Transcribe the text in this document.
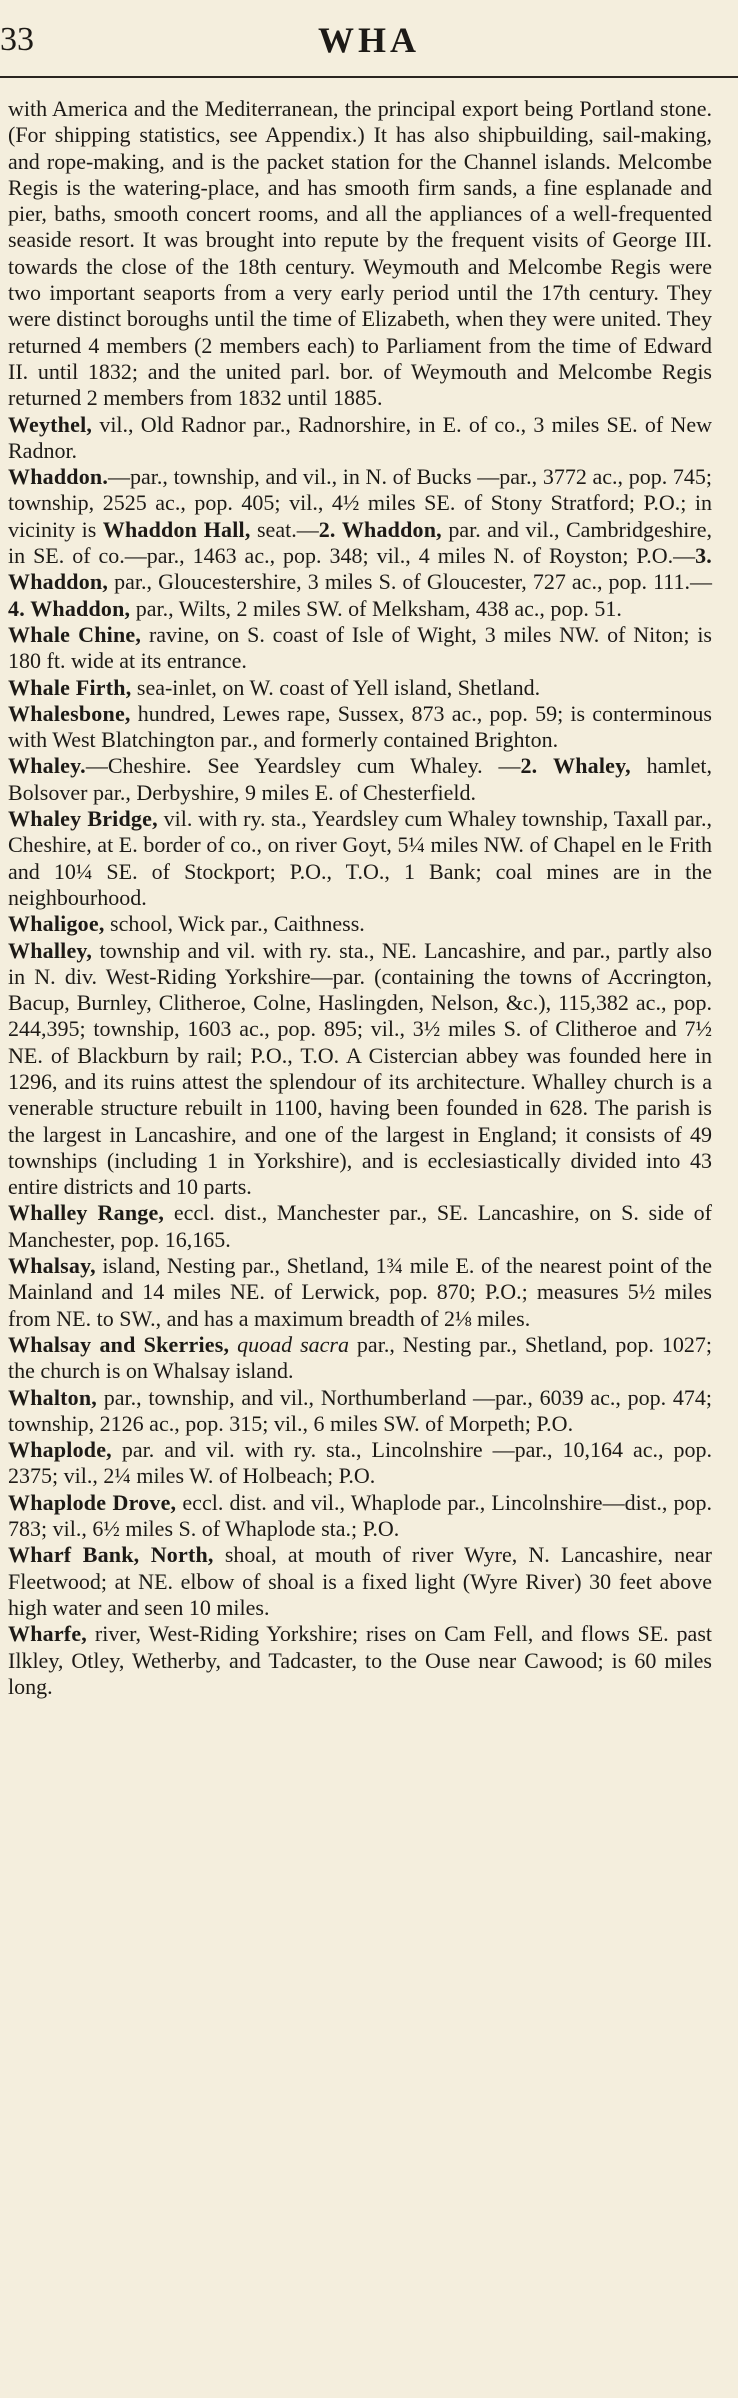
33	WHA

with America and the Mediterranean, the principal export being Portland stone. (For shipping statistics, see Appendix.) It has also shipbuilding, sail-making, and rope-making, and is the packet station for the Channel islands. Melcombe Regis is the watering-place, and has smooth firm sands, a fine esplanade and pier, baths, smooth concert rooms, and all the appliances of a well-frequented seaside resort. It was brought into repute by the frequent visits of George III. towards the close of the 18th century. Weymouth and Melcombe Regis were two important seaports from a very early period until the 17th century. They were distinct boroughs until the time of Elizabeth, when they were united. They returned 4 members (2 members each) to Parliament from the time of Edward II. until 1832; and the united parl. bor. of Weymouth and Melcombe Regis returned 2 members from 1832 until 1885.

Weythel, vil., Old Radnor par., Radnorshire, in E. of co., 3 miles SE. of New Radnor.

Whaddon.—par., township, and vil., in N. of Bucks —par., 3772 ac., pop. 745; township, 2525 ac., pop. 405; vil., 4½ miles SE. of Stony Stratford; P.O.; in vicinity is Whaddon Hall, seat.—2. Whaddon, par. and vil., Cambridgeshire, in SE. of co.—par., 1463 ac., pop. 348; vil., 4 miles N. of Royston; P.O.—3. Whaddon, par., Gloucestershire, 3 miles S. of Gloucester, 727 ac., pop. 111.—4. Whaddon, par., Wilts, 2 miles SW. of Melksham, 438 ac., pop. 51.

Whale Chine, ravine, on S. coast of Isle of Wight, 3 miles NW. of Niton; is 180 ft. wide at its entrance.

Whale Firth, sea-inlet, on W. coast of Yell island, Shetland.

Whalesbone, hundred, Lewes rape, Sussex, 873 ac., pop. 59; is conterminous with West Blatchington par., and formerly contained Brighton.

Whaley.—Cheshire. See Yeardsley cum Whaley. —2. Whaley, hamlet, Bolsover par., Derbyshire, 9 miles E. of Chesterfield.

Whaley Bridge, vil. with ry. sta., Yeardsley cum Whaley township, Taxall par., Cheshire, at E. border of co., on river Goyt, 5¼ miles NW. of Chapel en le Frith and 10¼ SE. of Stockport; P.O., T.O., 1 Bank; coal mines are in the neighbourhood.

Whaligoe, school, Wick par., Caithness.

Whalley, township and vil. with ry. sta., NE. Lancashire, and par., partly also in N. div. West-Riding Yorkshire—par. (containing the towns of Accrington, Bacup, Burnley, Clitheroe, Colne, Haslingden, Nelson, &c.), 115,382 ac., pop. 244,395; township, 1603 ac., pop. 895; vil., 3½ miles S. of Clitheroe and 7½ NE. of Blackburn by rail; P.O., T.O. A Cistercian abbey was founded here in 1296, and its ruins attest the splendour of its architecture. Whalley church is a venerable structure rebuilt in 1100, having been founded in 628. The parish is the largest in Lancashire, and one of the largest in England; it consists of 49 townships (including 1 in Yorkshire), and is ecclesiastically divided into 43 entire districts and 10 parts.

Whalley Range, eccl. dist., Manchester par., SE. Lancashire, on S. side of Manchester, pop. 16,165.

Whalsay, island, Nesting par., Shetland, 1¾ mile E. of the nearest point of the Mainland and 14 miles NE. of Lerwick, pop. 870; P.O.; measures 5½ miles from NE. to SW., and has a maximum breadth of 2⅛ miles.

Whalsay and Skerries, quoad sacra par., Nesting par., Shetland, pop. 1027; the church is on Whalsay island.

Whalton, par., township, and vil., Northumberland —par., 6039 ac., pop. 474; township, 2126 ac., pop. 315; vil., 6 miles SW. of Morpeth; P.O.

Whaplode, par. and vil. with ry. sta., Lincolnshire —par., 10,164 ac., pop. 2375; vil., 2¼ miles W. of Holbeach; P.O.

Whaplode Drove, eccl. dist. and vil., Whaplode par., Lincolnshire—dist., pop. 783; vil., 6½ miles S. of Whaplode sta.; P.O.

Wharf Bank, North, shoal, at mouth of river Wyre, N. Lancashire, near Fleetwood; at NE. elbow of shoal is a fixed light (Wyre River) 30 feet above high water and seen 10 miles.

Wharfe, river, West-Riding Yorkshire; rises on Cam Fell, and flows SE. past Ilkley, Otley, Wetherby, and Tadcaster, to the Ouse near Cawood; is 60 miles long.
